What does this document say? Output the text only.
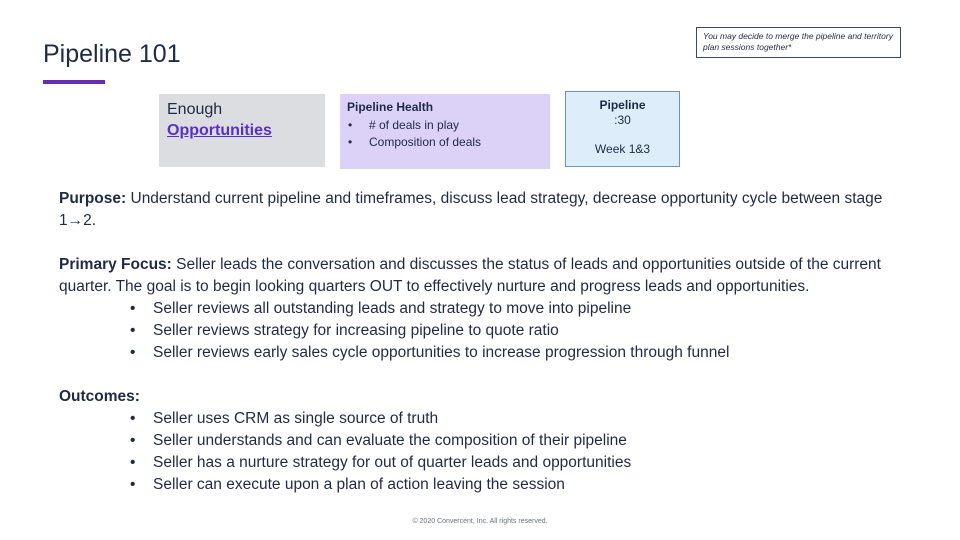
Pipeline 101
You may decide to merge the pipeline and territory plan sessions together*
Enough
Opportunities
Pipeline Health
• # of deals in play
• Composition of deals
Pipeline
:30
Week 1&3

Purpose: Understand current pipeline and timeframes, discuss lead strategy, decrease opportunity cycle between stage 1→2.

Primary Focus: Seller leads the conversation and discusses the status of leads and opportunities outside of the current quarter. The goal is to begin looking quarters OUT to effectively nurture and progress leads and opportunities.

• Seller reviews all outstanding leads and strategy to move into pipeline
• Seller reviews strategy for increasing pipeline to quote ratio
• Seller reviews early sales cycle opportunities to increase progression through funnel

Outcomes:

• Seller uses CRM as single source of truth
• Seller understands and can evaluate the composition of their pipeline
• Seller has a nurture strategy for out of quarter leads and opportunities
• Seller can execute upon a plan of action leaving the session
© 2020 Convercent, Inc. All rights reserved.
